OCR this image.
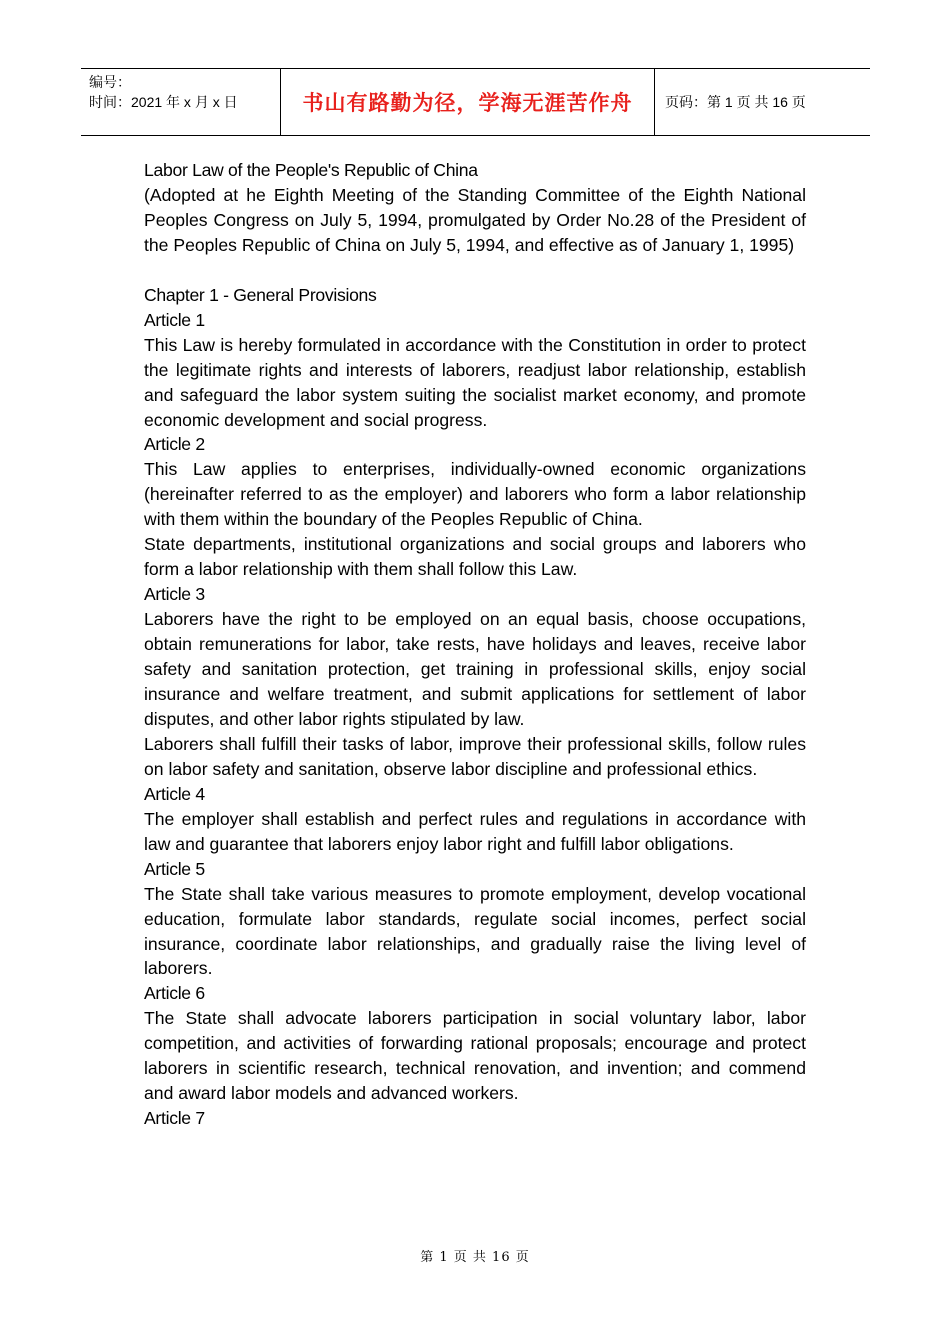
编号：
时间：2021 年 x 月 x 日	书山有路勤为径，学海无涯苦作舟 页码：第 1 页 共 16 页

Labor Law of the People's Republic of China

(Adopted at he Eighth Meeting of the Standing Committee of the Eighth National Peoples Congress on July 5, 1994, promulgated by Order No.28 of the President of the Peoples Republic of China on July 5, 1994, and effective as of January 1, 1995)

Chapter 1 - General Provisions

Article 1

This Law is hereby formulated in accordance with the Constitution in order to protect the legitimate rights and interests of laborers, readjust labor relationship, establish and safeguard the labor system suiting the socialist market economy, and promote economic development and social progress.

Article 2

This Law applies to enterprises, individually-owned economic organizations (hereinafter referred to as the employer) and laborers who form a labor relationship with them within the boundary of the Peoples Republic of China.

State departments, institutional organizations and social groups and laborers who form a labor relationship with them shall follow this Law.

Article 3

Laborers have the right to be employed on an equal basis, choose occupations, obtain remunerations for labor, take rests, have holidays and leaves, receive labor safety and sanitation protection, get training in professional skills, enjoy social insurance and welfare treatment, and submit applications for settlement of labor disputes, and other labor rights stipulated by law.

Laborers shall fulfill their tasks of labor, improve their professional skills, follow rules on labor safety and sanitation, observe labor discipline and professional ethics.

Article 4

The employer shall establish and perfect rules and regulations in accordance with law and guarantee that laborers enjoy labor right and fulfill labor obligations.

Article 5

The State shall take various measures to promote employment, develop vocational education, formulate labor standards, regulate social incomes, perfect social insurance, coordinate labor relationships, and gradually raise the living level of laborers.

Article 6

The State shall advocate laborers participation in social voluntary labor, labor competition, and activities of forwarding rational proposals; encourage and protect laborers in scientific research, technical renovation, and invention; and commend and award labor models and advanced workers.

Article 7

第 1 页 共 16 页
